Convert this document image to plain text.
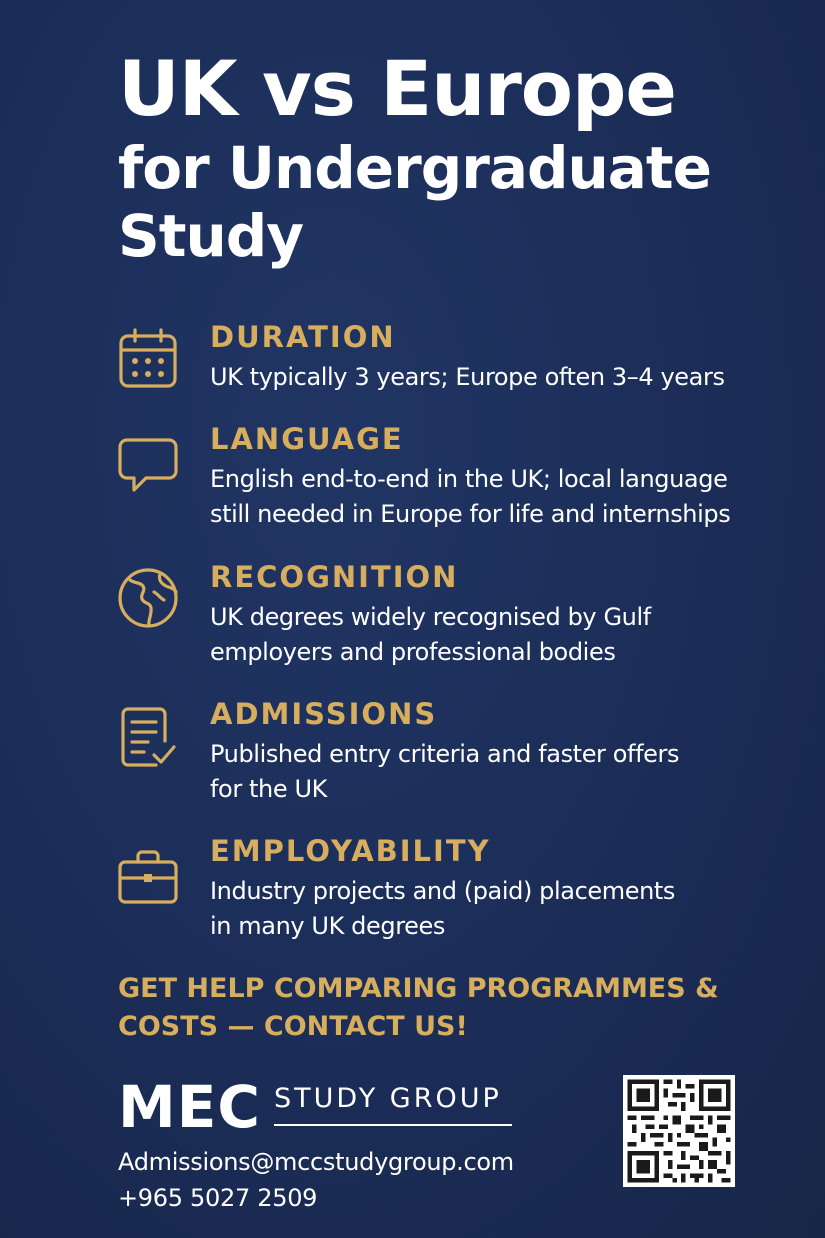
UK vs Europe
for Undergraduate
Study
DURATION
UK typically 3 years; Europe often 3–4 years
LANGUAGE
English end-to-end in the UK; local language
still needed in Europe for life and internships
RECOGNITION
UK degrees widely recognised by Gulf
employers and professional bodies
ADMISSIONS
Published entry criteria and faster offers
for the UK
EMPLOYABILITY
Industry projects and (paid) placements
in many UK degrees
GET HELP COMPARING PROGRAMMES &
COSTS — CONTACT US!
MEC STUDY GROUP
Admissions@mccstudygroup.com
+965 5027 2509
